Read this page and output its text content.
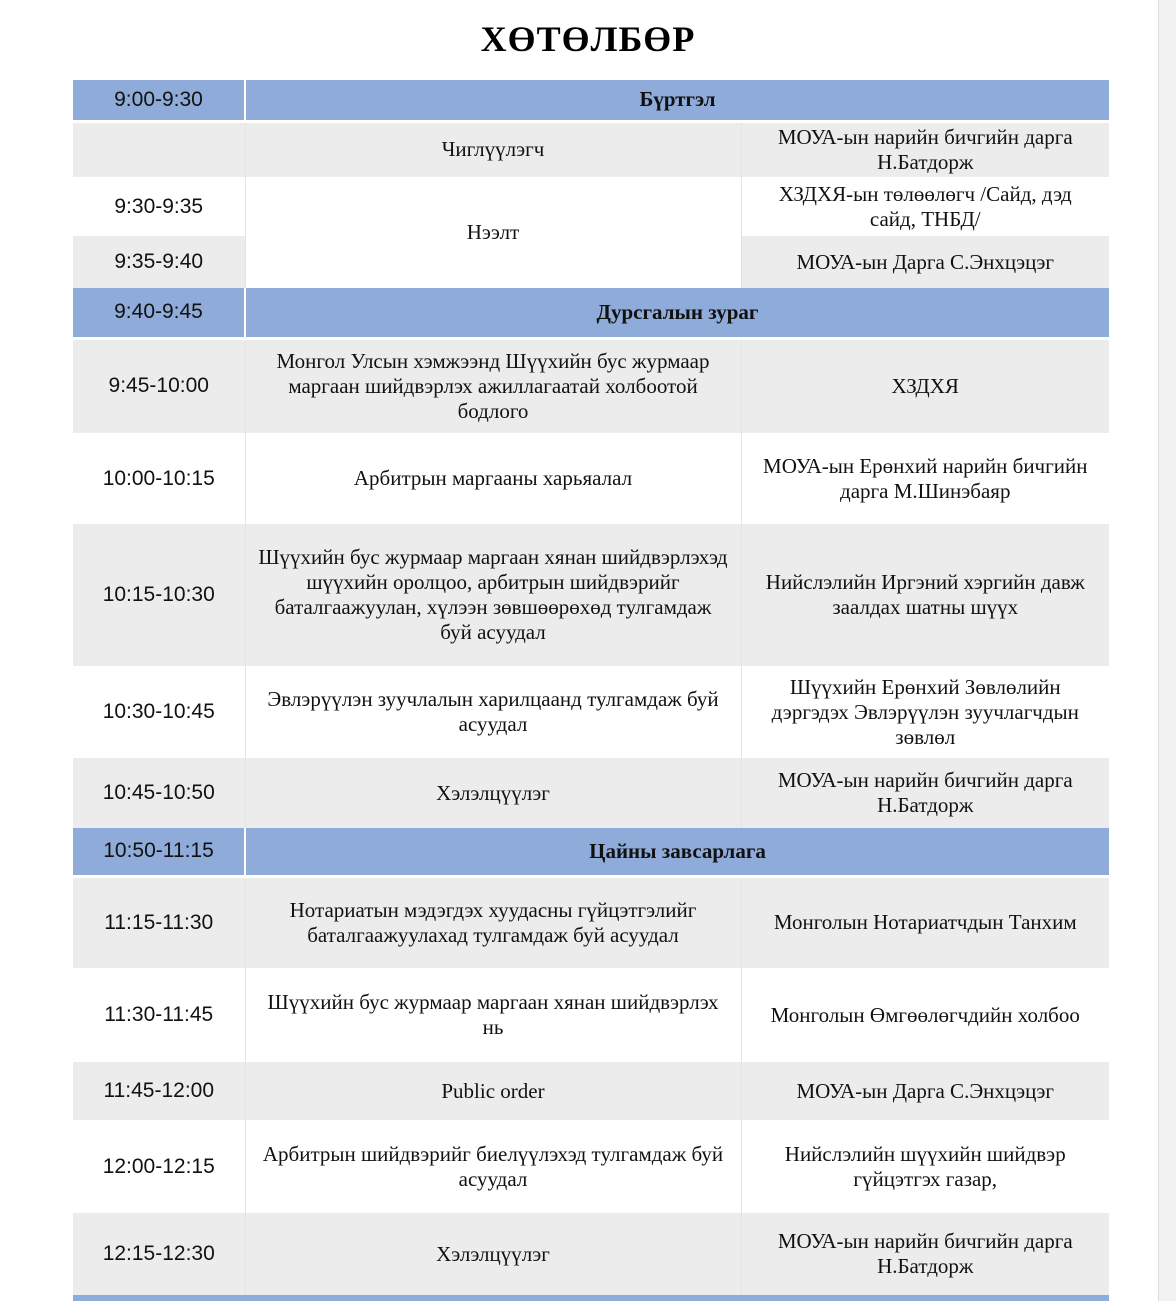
ХӨТӨЛБӨР
9:00-9:30	Бүртгэл	
	Чиглүүлэгч	МОУА-ын нарийн бичгийн дарга Н.Батдорж
9:30-9:35	Нээлт	ХЗДХЯ-ын төлөөлөгч /Сайд, дэд сайд, ТНБД/
9:35-9:40		МОУА-ын Дарга С.Энхцэцэг
9:40-9:45	Дурсгалын зураг	
9:45-10:00	Монгол Улсын хэмжээнд Шүүхийн бус журмаар маргаан шийдвэрлэх ажиллагаатай холбоотой бодлого	ХЗДХЯ
10:00-10:15	Арбитрын маргааны харьяалал	МОУА-ын Ерөнхий нарийн бичгийн дарга М.Шинэбаяр
10:15-10:30	Шүүхийн бус журмаар маргаан хянан шийдвэрлэхэд шүүхийн оролцоо, арбитрын шийдвэрийг баталгаажуулан, хүлээн зөвшөөрөхөд тулгамдаж буй асуудал	Нийслэлийн Иргэний хэргийн давж заалдах шатны шүүх
10:30-10:45	Эвлэрүүлэн зуучлалын харилцаанд тулгамдаж буй асуудал	Шүүхийн Ерөнхий Зөвлөлийн дэргэдэх Эвлэрүүлэн зуучлагчдын зөвлөл
10:45-10:50	Хэлэлцүүлэг	МОУА-ын нарийн бичгийн дарга Н.Батдорж
10:50-11:15	Цайны завсарлага	
11:15-11:30	Нотариатын мэдэгдэх хуудасны гүйцэтгэлийг баталгаажуулахад тулгамдаж буй асуудал	Монголын Нотариатчдын Танхим
11:30-11:45	Шүүхийн бус журмаар маргаан хянан шийдвэрлэх нь	Монголын Өмгөөлөгчдийн холбоо
11:45-12:00	Public order	МОУА-ын Дарга С.Энхцэцэг
12:00-12:15	Арбитрын шийдвэрийг биелүүлэхэд тулгамдаж буй асуудал	Нийслэлийн шүүхийн шийдвэр гүйцэтгэх газар,
12:15-12:30	Хэлэлцүүлэг	МОУА-ын нарийн бичгийн дарга Н.Батдорж
